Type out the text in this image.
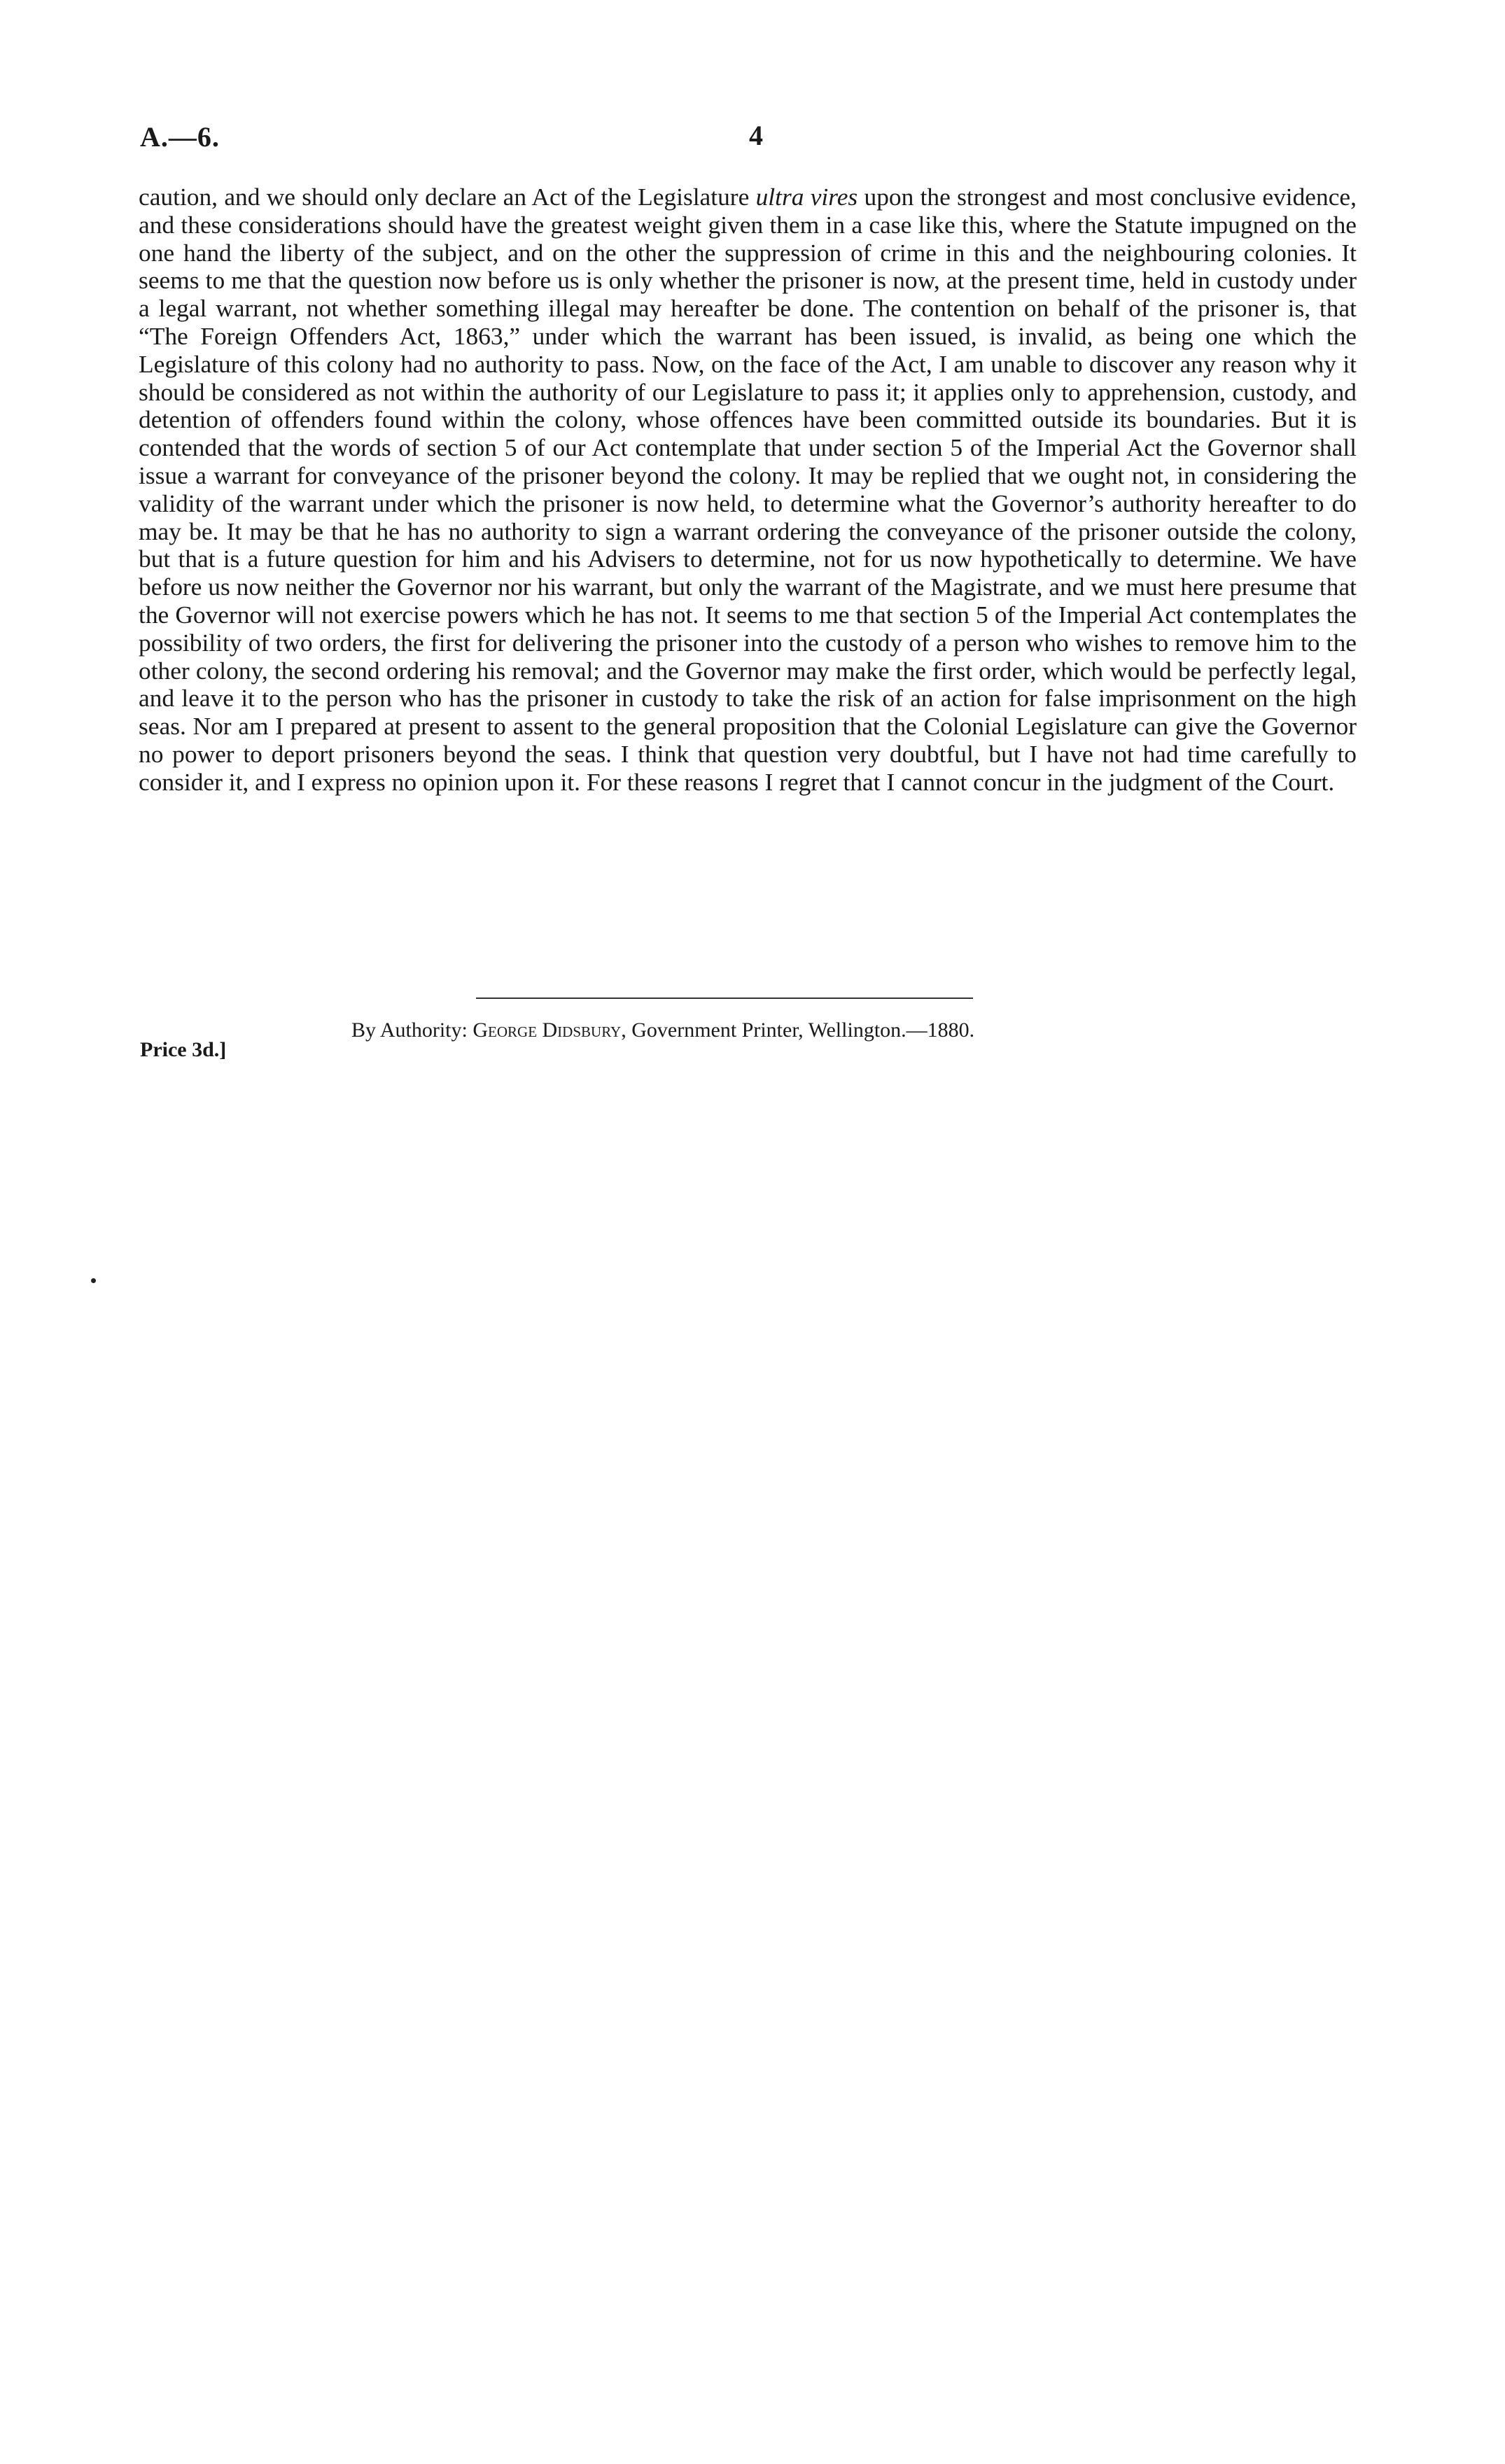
A.—6.	4

caution, and we should only declare an Act of the Legislature ultra vires upon the strongest and most conclusive evidence, and these considerations should have the greatest weight given them in a case like this, where the Statute impugned on the one hand the liberty of the subject, and on the other the suppression of crime in this and the neighbouring colonies. It seems to me that the question now before us is only whether the prisoner is now, at the present time, held in custody under a legal warrant, not whether something illegal may hereafter be done. The contention on behalf of the prisoner is, that “The Foreign Offenders Act, 1863,” under which the warrant has been issued, is invalid, as being one which the Legislature of this colony had no authority to pass. Now, on the face of the Act, I am unable to discover any reason why it should be considered as not within the authority of our Legislature to pass it; it applies only to apprehension, custody, and detention of offenders found within the colony, whose offences have been committed outside its boundaries. But it is contended that the words of section 5 of our Act contemplate that under section 5 of the Imperial Act the Governor shall issue a warrant for conveyance of the prisoner beyond the colony. It may be replied that we ought not, in considering the validity of the warrant under which the prisoner is now held, to determine what the Governor’s authority hereafter to do may be. It may be that he has no authority to sign a warrant ordering the conveyance of the prisoner outside the colony, but that is a future question for him and his Advisers to determine, not for us now hypothetically to determine. We have before us now neither the Governor nor his warrant, but only the warrant of the Magistrate, and we must here presume that the Governor will not exercise powers which he has not. It seems to me that section 5 of the Imperial Act contemplates the possibility of two orders, the first for delivering the prisoner into the custody of a person who wishes to remove him to the other colony, the second ordering his removal; and the Governor may make the first order, which would be perfectly legal, and leave it to the person who has the prisoner in custody to take the risk of an action for false imprisonment on the high seas. Nor am I prepared at present to assent to the general proposition that the Colonial Legislature can give the Governor no power to deport prisoners beyond the seas. I think that question very doubtful, but I have not had time carefully to consider it, and I express no opinion upon it. For these reasons I regret that I cannot concur in the judgment of the Court.

Price 3d.]
By Authority: George Didsbury, Government Printer, Wellington.—1880.
